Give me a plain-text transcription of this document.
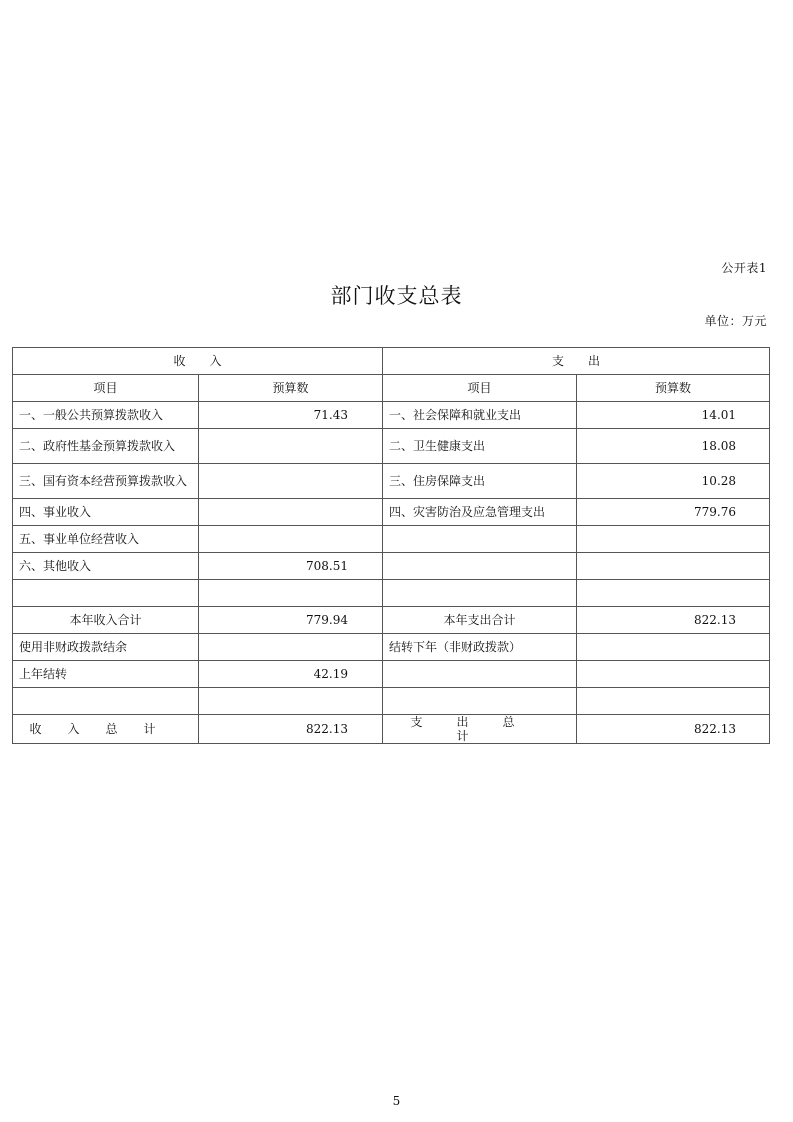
公开表1
部门收支总表
单位：万元
收　　入		支　　出	
项目	预算数	项目	预算数
一、一般公共预算拨款收入	71.43	一、社会保障和就业支出	14.01
二、政府性基金预算拨款收入		二、卫生健康支出	18.08
三、国有资本经营预算拨款收入		三、住房保障支出	10.28
四、事业收入		四、灾害防治及应急管理支出	779.76
五、事业单位经营收入			
六、其他收入	708.51		

本年收入合计	779.94	本年支出合计	822.13
使用非财政拨款结余		结转下年（非财政拨款）	
上年结转	42.19		

收入总计	822.13	支出总计	822.13
5
